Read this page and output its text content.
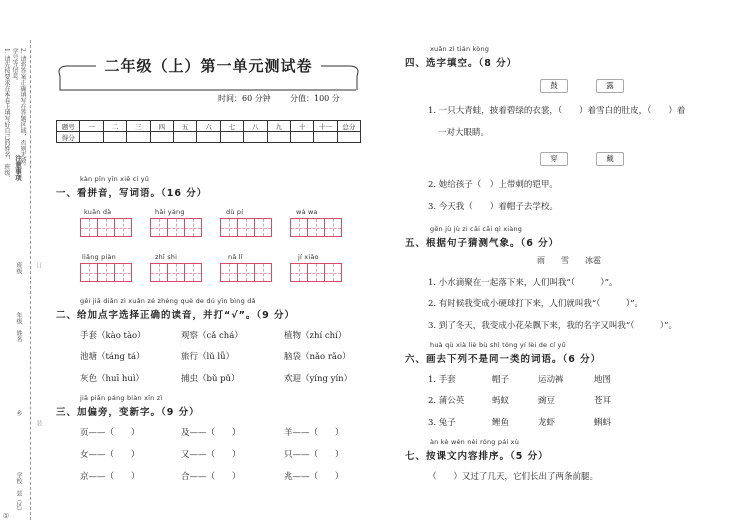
1. 请先按要求在本卷上填写好自己的姓名、班级、 学号等信息。 2. 请将答案正确填写在答题区域，否则无效。
注意事项
班级
年级
姓名
乡
学校
县（区）
订
装
①
二年级（上）第一单元测试卷
时间：60 分钟 分值：100 分
题号	一	二	三	四	五	六	七	八	九	十	十一	总分
得分												
kàn pīn yīn xiě cí yǔ
一、看拼音，写词语。（16 分）
kuān dà	hǎi yáng	dù pí	wá wa
liǎng piàn	zhī shi	nǎ lǐ	jí xiǎo
gěi jiā diǎn zì xuǎn zé zhèng què de dú yīn bìng dǎ
二、给加点字选择正确的读音，并打“√”。（9 分）
手套（kào tào）	观察（cǎ chá）	植物（zhí chí）
池塘（táng tá）	旅行（lǔ lǚ）	脑袋（nǎo rǎo）
灰色（huī huì）	捕虫（bǔ pǔ）	欢迎（yíng yín）
jiā piān páng biàn xīn zì
三、加偏旁，变新字。（9 分）
页——（　　）	及——（　　）	羊——（　　）
女——（　　）	又——（　　）	只——（　　）
京——（　　）	合——（　　）	兆——（　　）
xuǎn zì tián kòng
四、选字填空。（8 分）
鼓	露
1. 一只大青蛙，披着碧绿的衣裳，（　　）着雪白的肚皮，（　　）着
一对大眼睛。
穿	戴
2. 她给孩子（　）上带刺的铠甲。
3. 今天我（　　）着帽子去学校。
gēn jù jù zi cāi cāi qì xiàng
五、根据句子猜测气象。（6 分）
雨　　雪　　冰雹
1. 小水滴聚在一起落下来，人们叫我“（　　　）”。
2. 有时候我变成小硬球打下来，人们就叫我“（　　　）”。
3. 到了冬天，我变成小花朵飘下来，我的名字又叫我“（　　　）”。
huà qù xià liè bù shì tóng yí lèi de cí yǔ
六、画去下列不是同一类的词语。（6 分）
1. 手套	帽子	运动裤	地图
2. 蒲公英	蚂蚁	豌豆	苍耳
3. 兔子	鲤鱼	龙虾	蝌蚪
àn kè wén nèi róng pái xù
七、按课文内容排序。（5 分）
（　　）又过了几天，它们长出了两条前腿。
